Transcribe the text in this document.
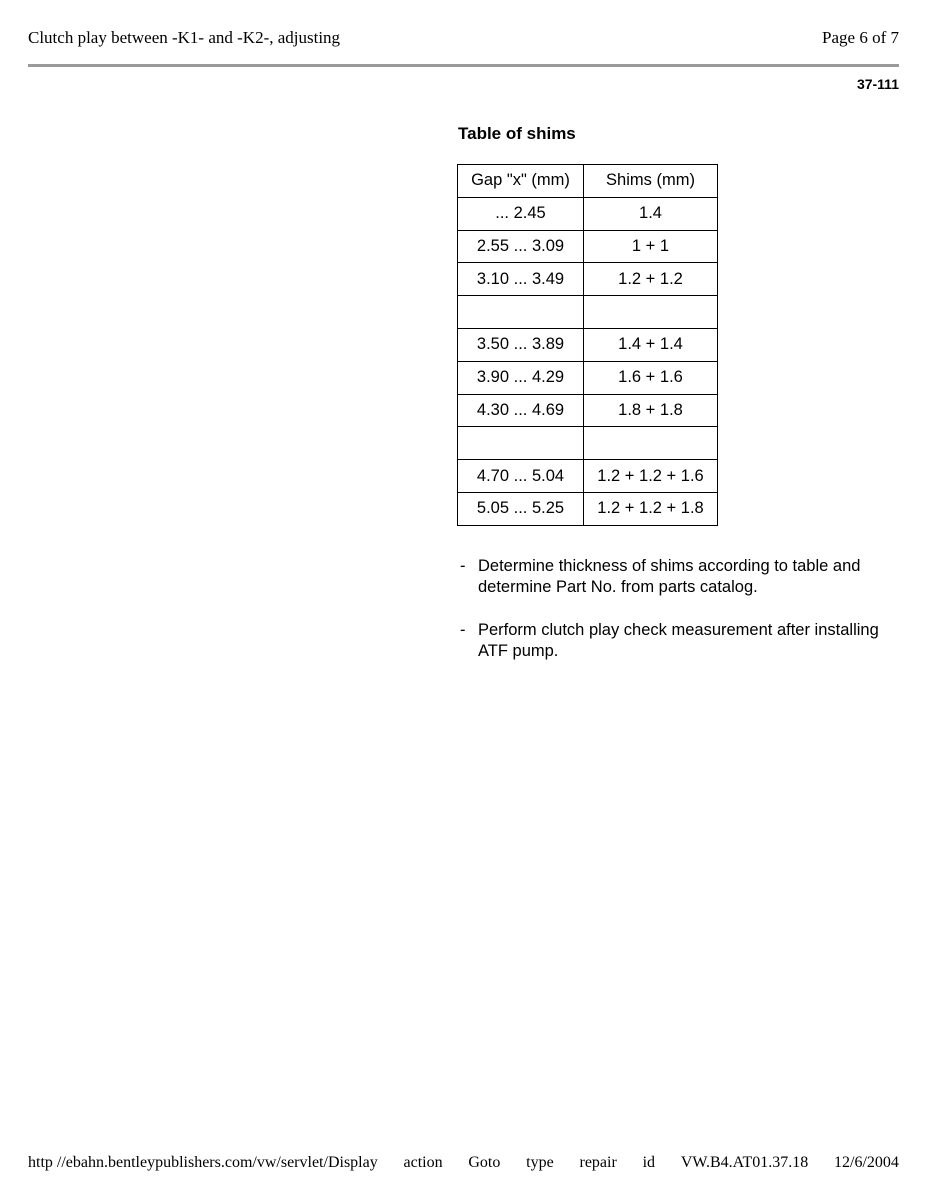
Clutch play between -K1- and -K2-, adjusting	Page 6 of 7
37-111
Table of shims
Gap "x" (mm)	Shims (mm)
... 2.45	1.4
2.55 ... 3.09	1 + 1
3.10 ... 3.49	1.2 + 1.2

3.50 ... 3.89	1.4 + 1.4
3.90 ... 4.29	1.6 + 1.6
4.30 ... 4.69	1.8 + 1.8

4.70 ... 5.04	1.2 + 1.2 + 1.6
5.05 ... 5.25	1.2 + 1.2 + 1.8
- Determine thickness of shims according to table and determine Part No. from parts catalog.
- Perform clutch play check measurement after installing ATF pump.
http //ebahn.bentleypublishers.com/vw/servlet/Display action Goto type repair id VW.B4.AT01.37.18 12/6/2004
